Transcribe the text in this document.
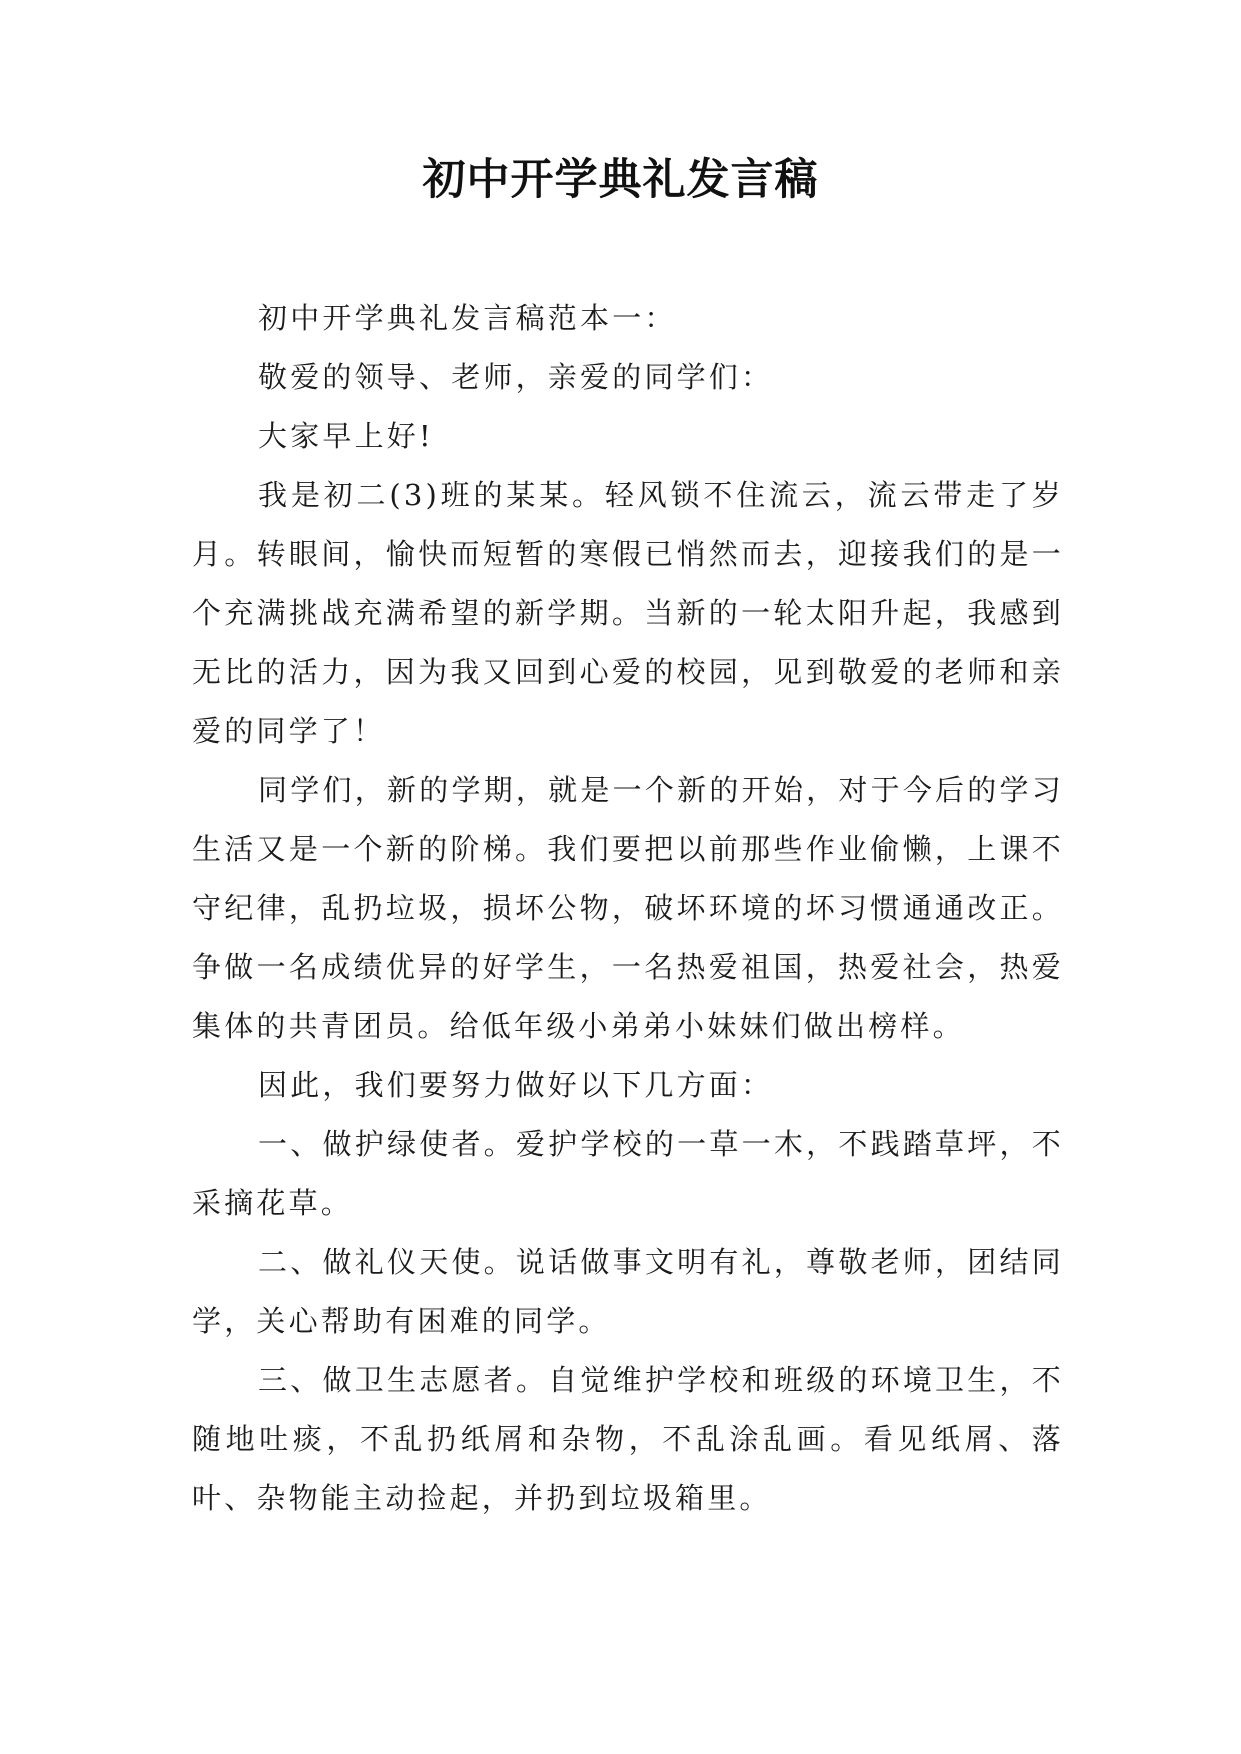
初中开学典礼发言稿

初中开学典礼发言稿范本一：

敬爱的领导、老师，亲爱的同学们：

大家早上好!

我是初二(3)班的某某。轻风锁不住流云，流云带走了岁月。转眼间，愉快而短暂的寒假已悄然而去，迎接我们的是一个充满挑战充满希望的新学期。当新的一轮太阳升起，我感到无比的活力，因为我又回到心爱的校园，见到敬爱的老师和亲爱的同学了！

同学们，新的学期，就是一个新的开始，对于今后的学习生活又是一个新的阶梯。我们要把以前那些作业偷懒，上课不守纪律，乱扔垃圾，损坏公物，破坏环境的坏习惯通通改正。争做一名成绩优异的好学生，一名热爱祖国，热爱社会，热爱集体的共青团员。给低年级小弟弟小妹妹们做出榜样。

因此，我们要努力做好以下几方面：

一、做护绿使者。爱护学校的一草一木，不践踏草坪，不采摘花草。

二、做礼仪天使。说话做事文明有礼，尊敬老师，团结同学，关心帮助有困难的同学。

三、做卫生志愿者。自觉维护学校和班级的环境卫生，不随地吐痰，不乱扔纸屑和杂物，不乱涂乱画。看见纸屑、落叶、杂物能主动捡起，并扔到垃圾箱里。
